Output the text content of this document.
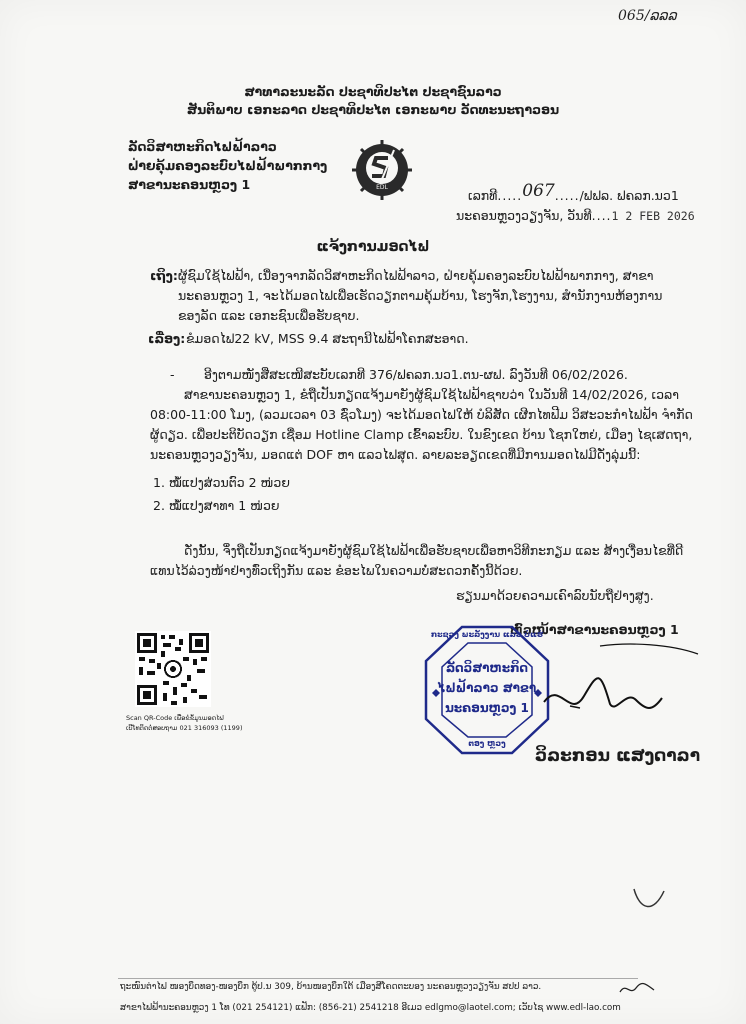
065/ລລລ
ສາທາລະນະລັດ ປະຊາທິປະໄຕ ປະຊາຊົນລາວ
ສັນຕິພາບ ເອກະລາດ ປະຊາທິປະໄຕ ເອກະພາບ ວັດທະນະຖາວອນ
ລັດວິສາຫະກິດໄຟຟ້າລາວ
ຝ່າຍຄຸ້ມຄອງລະບົບໄຟຟ້າພາກກາງ
ສາຂານະຄອນຫຼວງ 1	EDL
ເລກທີ.....067...../ຟຟລ. ຟຄລກ.ນວ1
ນະຄອນຫຼວງວຽງຈັນ, ວັນທີ....1 2 FEB 2026
ແຈ້ງການມອດໄຟ
ເຖິງ: ຜູ້ຊົມໃຊ້ໄຟຟ້າ, ເນື່ອງຈາກລັດວິສາຫະກິດໄຟຟ້າລາວ, ຝ່າຍຄຸ້ມຄອງລະບົບໄຟຟ້າພາກກາງ, ສາຂາ
ນະຄອນຫຼວງ 1, ຈະໄດ້ມອດໄຟເພື່ອເຮັດວຽກຕາມຄຸ້ມບ້ານ, ໂຮງຈັກ,ໂຮງງານ, ສຳນັກງານຫ້ອງການ
ຂອງລັດ ແລະ ເອກະຊົນເພື່ອຮັບຊາບ.
ເລື່ອງ: ຂໍມອດໄຟ22 kV, MSS 9.4 ສະຖານີໄຟຟ້າໂຄກສະອາດ.
- ອີງຕາມໜັງສືສະເໜີສະບັບເລກທີ 376/ຟຄລກ.ນວ1.ຕນ-ຜຟ. ລົງວັນທີ 06/02/2026.
ສາຂານະຄອນຫຼວງ 1, ຂໍຖືເປັນກຽດແຈ້ງມາຍັງຜູ້ຊົມໃຊ້ໄຟຟ້າຊາບວ່າ ໃນວັນທີ 14/02/2026, ເວລາ
08:00-11:00 ໂມງ, (ລວມເວລາ 03 ຊົ່ວໂມງ) ຈະໄດ້ມອດໄຟໃຫ້ ບໍລິສັດ ເຜີກໄທຟີມ ວິສະວະກຳໄຟຟ້າ ຈຳກັດ
ຜູ້ດຽວ. ເພື່ອປະຕິບັດວຽກ ເຊື່ອມ Hotline Clamp ເຂົ້າລະບົບ. ໃນຂົງເຂດ ບ້ານ ໂຊກໃຫຍ່, ເມືອງ ໄຊເສດຖາ,
ນະຄອນຫຼວງວຽງຈັນ, ມອດແຕ່ DOF ຫາ ແລວໄຟສຸດ. ລາຍລະອຽດເຂດທີ່ມີການມອດໄຟມີດັ່ງລຸ່ມນີ້:
1. ໝໍ້ແປງສ່ວນຕົວ 2 ໜ່ວຍ
2. ໝໍ້ແປງສາທາ 1 ໜ່ວຍ
ດັ່ງນັ້ນ, ຈຶ່ງຖືເປັນກຽດແຈ້ງມາຍັງຜູ້ຊົມໃຊ້ໄຟຟ້າເພື່ອຮັບຊາບເພື່ອຫາວິທີກະກຽມ ແລະ ສ້າງເງື່ອນໄຂທີ່ດີ
ແທນໄວ້ລ່ວງໜ້າຢ່າງທົ່ວເຖິງກັນ ແລະ ຂໍອະໄພໃນຄວາມບໍ່ສະດວກຄັ້ງນີ້ດ້ວຍ.
ຮຽນມາດ້ວຍຄວາມເຄົາລົບນັບຖືຢ່າງສູງ.
ຫົວໜ້າສາຂານະຄອນຫຼວງ 1
Scan QR-Code ເພື່ອຂໍຂໍ້ມູນມອດໄຟ
ເບີໂທຕິດຕໍ່ສອບຖາມ 021 316093 (1199)
ກະຊວງ ພະລັງງານ ແລະ ບໍ່ແຮ່
ລັດວິສາຫະກິດ
ໄຟຟ້າລາວ ສາຂາ
ນະຄອນຫຼວງ 1
ຕອງ ຫຼວງ
ວິລະກອນ ແສງດາລາ
ຖະໜົນຕ່າໄຟ ໜອງບຶດທອງ-ໜອງບຶກ ຕູ້ປ.ນ 309, ບ້ານໜອງບຶກໃຕ້ ເມືອງສີໂຄດຕະບອງ ນະຄອນຫຼວງວຽງຈັນ ສປປ ລາວ.
ສາຂາໄຟຟ້ານະຄອນຫຼວງ 1 ໂທ (021 254121) ແຟັກ: (856-21) 2541218 ອີເມວ edlgmo@laotel.com; ເວັບໄຊ www.edl-lao.com
